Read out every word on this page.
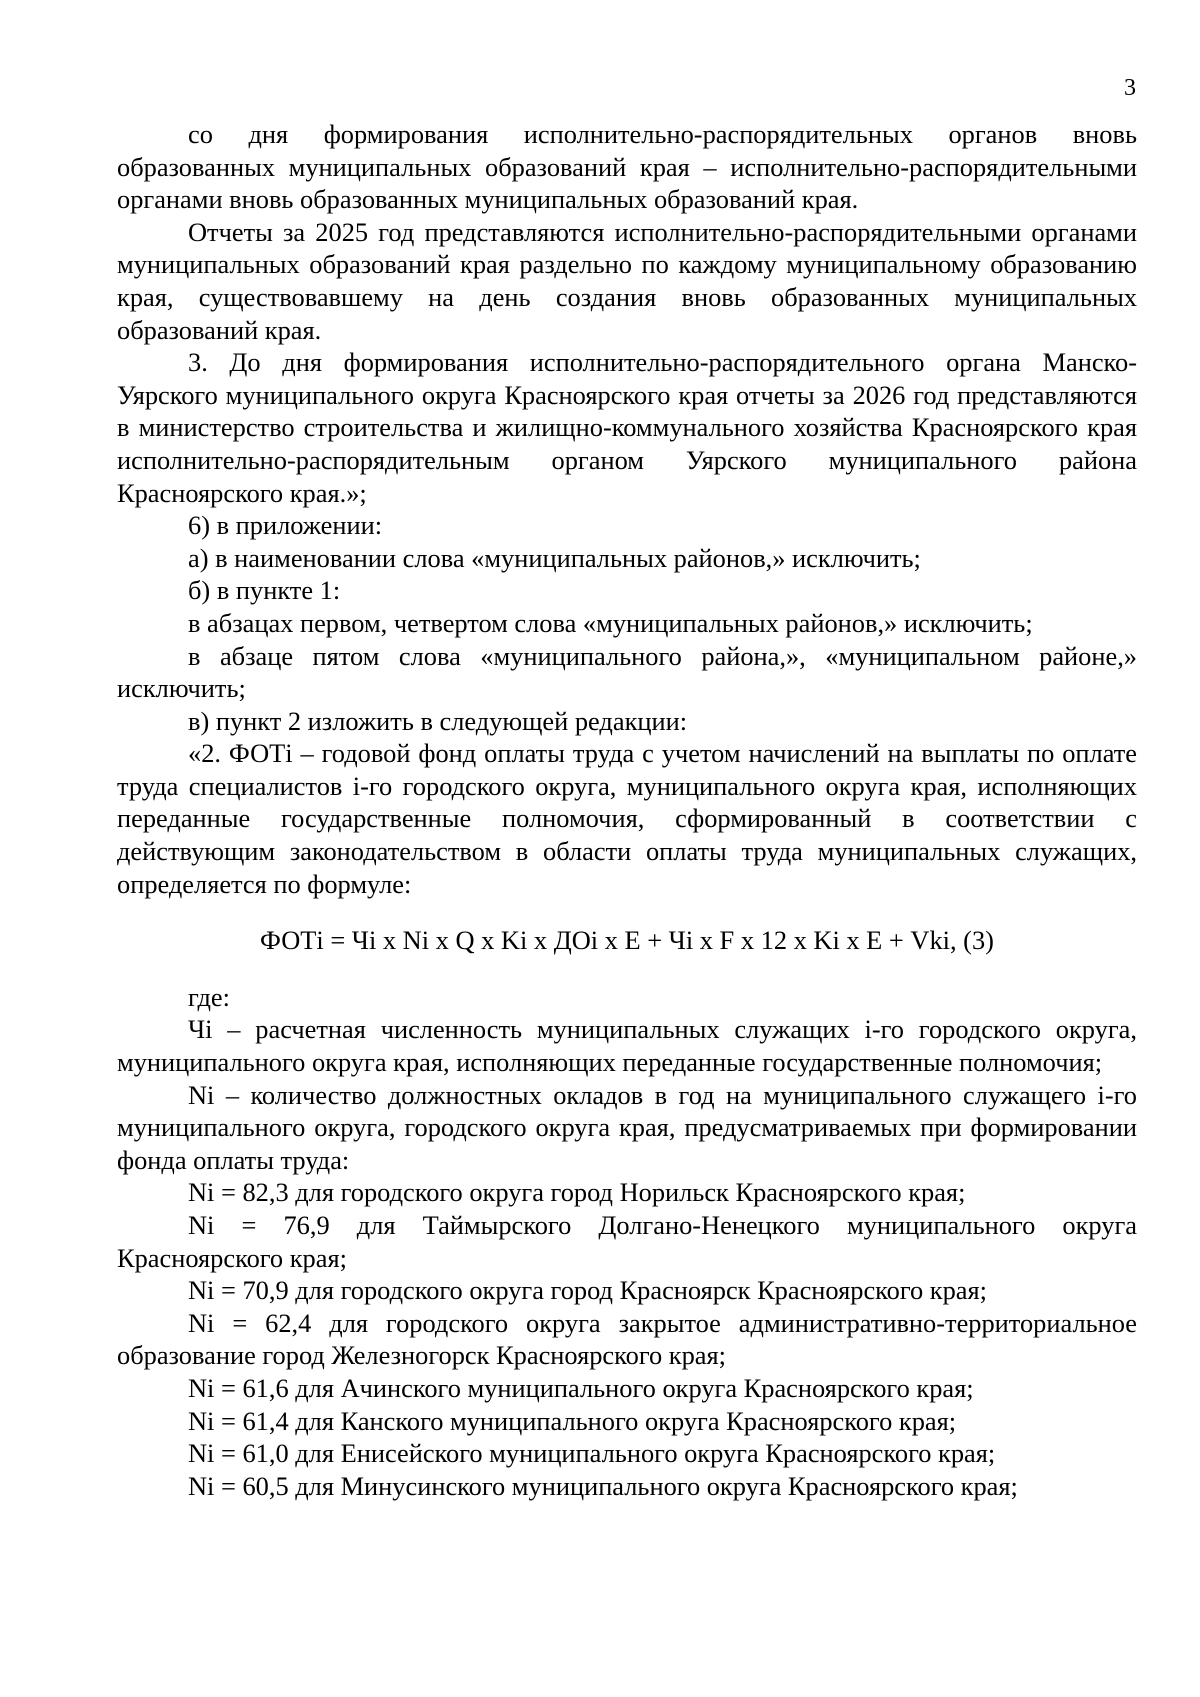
3

со дня формирования исполнительно-распорядительных органов вновь образованных муниципальных образований края – исполнительно-распорядительными органами вновь образованных муниципальных образований края.

Отчеты за 2025 год представляются исполнительно-распорядительными органами муниципальных образований края раздельно по каждому муниципальному образованию края, существовавшему на день создания вновь образованных муниципальных образований края.

3. До дня формирования исполнительно-распорядительного органа Манско-Уярского муниципального округа Красноярского края отчеты за 2026 год представляются в министерство строительства и жилищно-коммунального хозяйства Красноярского края исполнительно-распорядительным органом Уярского муниципального района Красноярского края.»;

6) в приложении:

а) в наименовании слова «муниципальных районов,» исключить;

б) в пункте 1:

в абзацах первом, четвертом слова «муниципальных районов,» исключить;

в абзаце пятом слова «муниципального района,», «муниципальном районе,» исключить;

в) пункт 2 изложить в следующей редакции:

«2. ФОТi – годовой фонд оплаты труда с учетом начислений на выплаты по оплате труда специалистов i-го городского округа, муниципального округа края, исполняющих переданные государственные полномочия, сформированный в соответствии с действующим законодательством в области оплаты труда муниципальных служащих, определяется по формуле:

ФОТi = Чi х Ni х Q х Ki х ДОi х Е + Чi х F х 12 х Ki х Е + Vki, (3)

где:

Чi – расчетная численность муниципальных служащих i-го городского округа, муниципального округа края, исполняющих переданные государственные полномочия;

Ni – количество должностных окладов в год на муниципального служащего i-го муниципального округа, городского округа края, предусматриваемых при формировании фонда оплаты труда:

Ni = 82,3 для городского округа город Норильск Красноярского края;

Ni = 76,9 для Таймырского Долгано-Ненецкого муниципального округа Красноярского края;

Ni = 70,9 для городского округа город Красноярск Красноярского края;

Ni = 62,4 для городского округа закрытое административно-территориальное образование город Железногорск Красноярского края;

Ni = 61,6 для Ачинского муниципального округа Красноярского края;

Ni = 61,4 для Канского муниципального округа Красноярского края;

Ni = 61,0 для Енисейского муниципального округа Красноярского края;

Ni = 60,5 для Минусинского муниципального округа Красноярского края;
